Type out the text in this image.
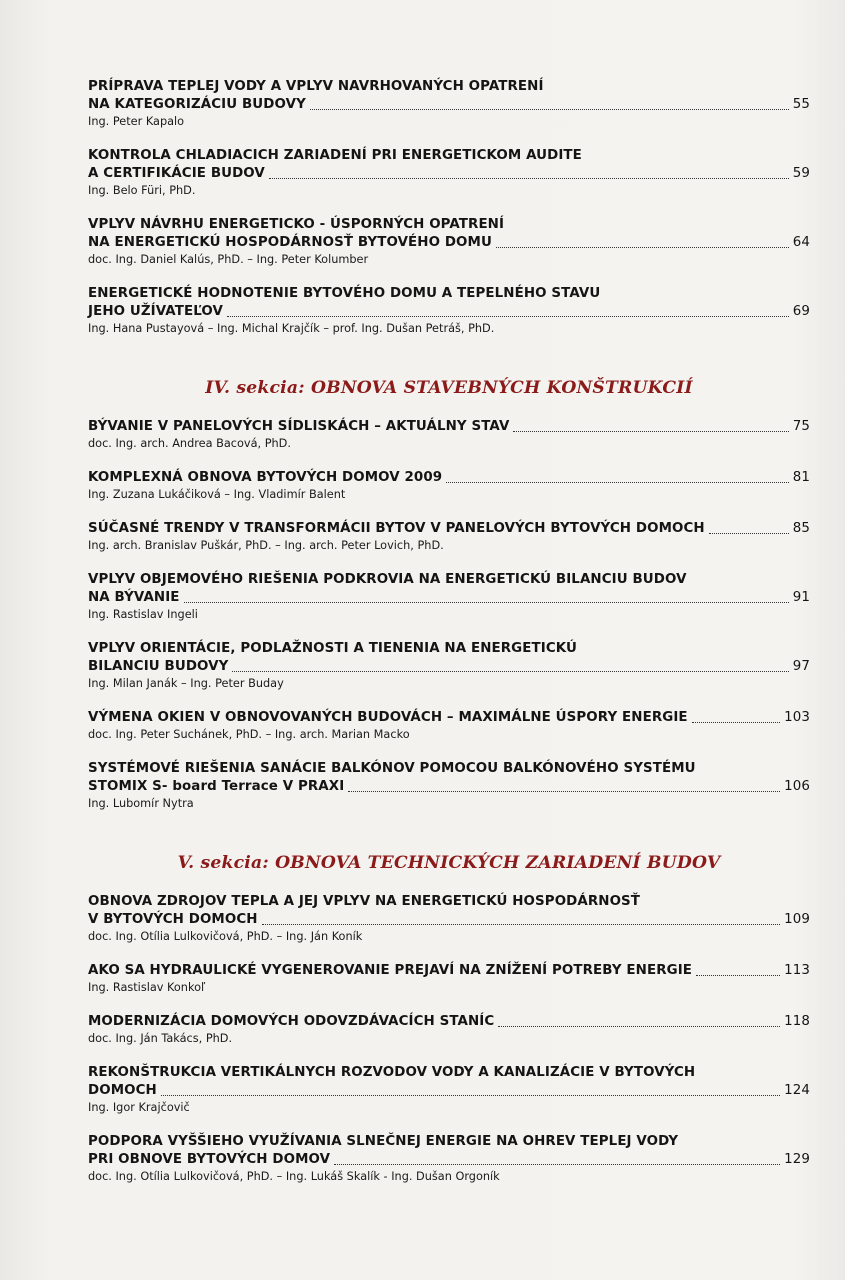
PRÍPRAVA TEPLEJ VODY A VPLYV NAVRHOVANÝCH OPATRENÍ
NA KATEGORIZÁCIU BUDOVY	55
Ing. Peter Kapalo
KONTROLA CHLADIACICH ZARIADENÍ PRI ENERGETICKOM AUDITE
A CERTIFIKÁCIE BUDOV	59
Ing. Belo Füri, PhD.
VPLYV NÁVRHU ENERGETICKO - ÚSPORNÝCH OPATRENÍ
NA ENERGETICKÚ HOSPODÁRNOSŤ BYTOVÉHO DOMU	64
doc. Ing. Daniel Kalús, PhD. – Ing. Peter Kolumber
ENERGETICKÉ HODNOTENIE BYTOVÉHO DOMU A TEPELNÉHO STAVU
JEHO UŽÍVATEĽOV	69
Ing. Hana Pustayová – Ing. Michal Krajčík – prof. Ing. Dušan Petráš, PhD.
IV. sekcia: OBNOVA STAVEBNÝCH KONŠTRUKCIÍ
BÝVANIE V PANELOVÝCH SÍDLISKÁCH – AKTUÁLNY STAV	75
doc. Ing. arch. Andrea Bacová, PhD.
KOMPLEXNÁ OBNOVA BYTOVÝCH DOMOV 2009	81
Ing. Zuzana Lukáčiková – Ing. Vladimír Balent
SÚČASNÉ TRENDY V TRANSFORMÁCII BYTOV V PANELOVÝCH BYTOVÝCH DOMOCH	85
Ing. arch. Branislav Puškár, PhD. – Ing. arch. Peter Lovich, PhD.
VPLYV OBJEMOVÉHO RIEŠENIA PODKROVIA NA ENERGETICKÚ BILANCIU BUDOV
NA BÝVANIE	91
Ing. Rastislav Ingeli
VPLYV ORIENTÁCIE, PODLAŽNOSTI A TIENENIA NA ENERGETICKÚ
BILANCIU BUDOVY	97
Ing. Milan Janák – Ing. Peter Buday
VÝMENA OKIEN V OBNOVOVANÝCH BUDOVÁCH – MAXIMÁLNE ÚSPORY ENERGIE	103
doc. Ing. Peter Suchánek, PhD. – Ing. arch. Marian Macko
SYSTÉMOVÉ RIEŠENIA SANÁCIE BALKÓNOV POMOCOU BALKÓNOVÉHO SYSTÉMU
STOMIX S- board Terrace V PRAXI	106
Ing. Lubomír Nytra
V. sekcia: OBNOVA TECHNICKÝCH ZARIADENÍ BUDOV
OBNOVA ZDROJOV TEPLA A JEJ VPLYV NA ENERGETICKÚ HOSPODÁRNOSŤ
V BYTOVÝCH DOMOCH	109
doc. Ing. Otília Lulkovičová, PhD. – Ing. Ján Koník
AKO SA HYDRAULICKÉ VYGENEROVANIE PREJAVÍ NA ZNÍŽENÍ POTREBY ENERGIE	113
Ing. Rastislav Konkoľ
MODERNIZÁCIA DOMOVÝCH ODOVZDÁVACÍCH STANÍC	118
doc. Ing. Ján Takács, PhD.
REKONŠTRUKCIA VERTIKÁLNYCH ROZVODOV VODY A KANALIZÁCIE V BYTOVÝCH
DOMOCH	124
Ing. Igor Krajčovič
PODPORA VYŠŠIEHO VYUŽÍVANIA SLNEČNEJ ENERGIE NA OHREV TEPLEJ VODY
PRI OBNOVE BYTOVÝCH DOMOV	129
doc. Ing. Otília Lulkovičová, PhD. – Ing. Lukáš Skalík - Ing. Dušan Orgoník
